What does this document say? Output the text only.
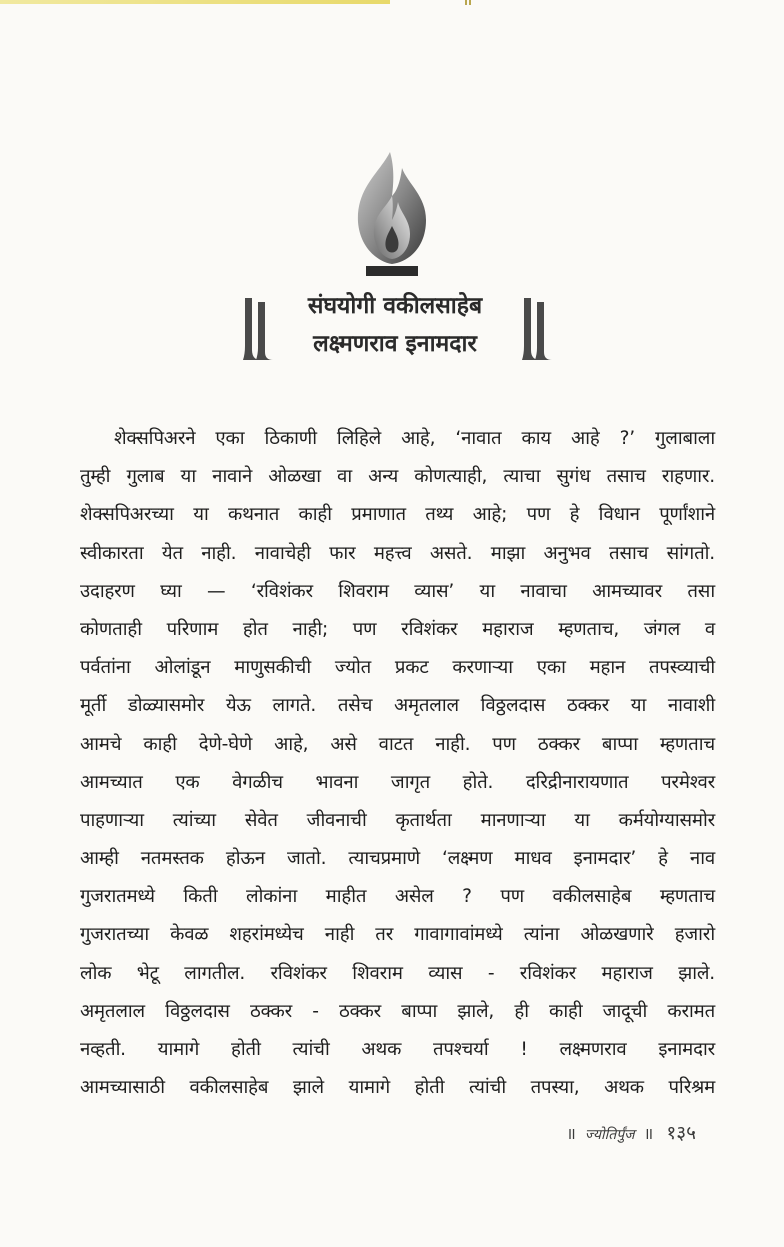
संघयोगी वकीलसाहेब
लक्ष्मणराव इनामदार
शेक्सपिअरने एका ठिकाणी लिहिले आहे, ‘नावात काय आहे ?’ गुलाबाला
तुम्ही गुलाब या नावाने ओळखा वा अन्य कोणत्याही, त्याचा सुगंध तसाच राहणार.
शेक्सपिअरच्या या कथनात काही प्रमाणात तथ्य आहे; पण हे विधान पूर्णांशाने
स्वीकारता येत नाही. नावाचेही फार महत्त्व असते. माझा अनुभव तसाच सांगतो.
उदाहरण घ्या — ‘रविशंकर शिवराम व्यास’ या नावाचा आमच्यावर तसा
कोणताही परिणाम होत नाही; पण रविशंकर महाराज म्हणताच, जंगल व
पर्वतांना ओलांडून माणुसकीची ज्योत प्रकट करणाऱ्या एका महान तपस्व्याची
मूर्ती डोळ्यासमोर येऊ लागते. तसेच अमृतलाल विठ्ठलदास ठक्कर या नावाशी
आमचे काही देणे-घेणे आहे, असे वाटत नाही. पण ठक्कर बाप्पा म्हणताच
आमच्यात एक वेगळीच भावना जागृत होते. दरिद्रीनारायणात परमेश्वर
पाहणाऱ्या त्यांच्या सेवेत जीवनाची कृतार्थता मानणाऱ्या या कर्मयोग्यासमोर
आम्ही नतमस्तक होऊन जातो. त्याचप्रमाणे ‘लक्ष्मण माधव इनामदार’ हे नाव
गुजरातमध्ये किती लोकांना माहीत असेल ? पण वकीलसाहेब म्हणताच
गुजरातच्या केवळ शहरांमध्येच नाही तर गावागावांमध्ये त्यांना ओळखणारे हजारो
लोक भेटू लागतील. रविशंकर शिवराम व्यास - रविशंकर महाराज झाले.
अमृतलाल विठ्ठलदास ठक्कर - ठक्कर बाप्पा झाले, ही काही जादूची करामत
नव्हती. यामागे होती त्यांची अथक तपश्चर्या ! लक्ष्मणराव इनामदार
आमच्यासाठी वकीलसाहेब झाले यामागे होती त्यांची तपस्या, अथक परिश्रम
॥ ज्योतिर्पुंज ॥ १३५
